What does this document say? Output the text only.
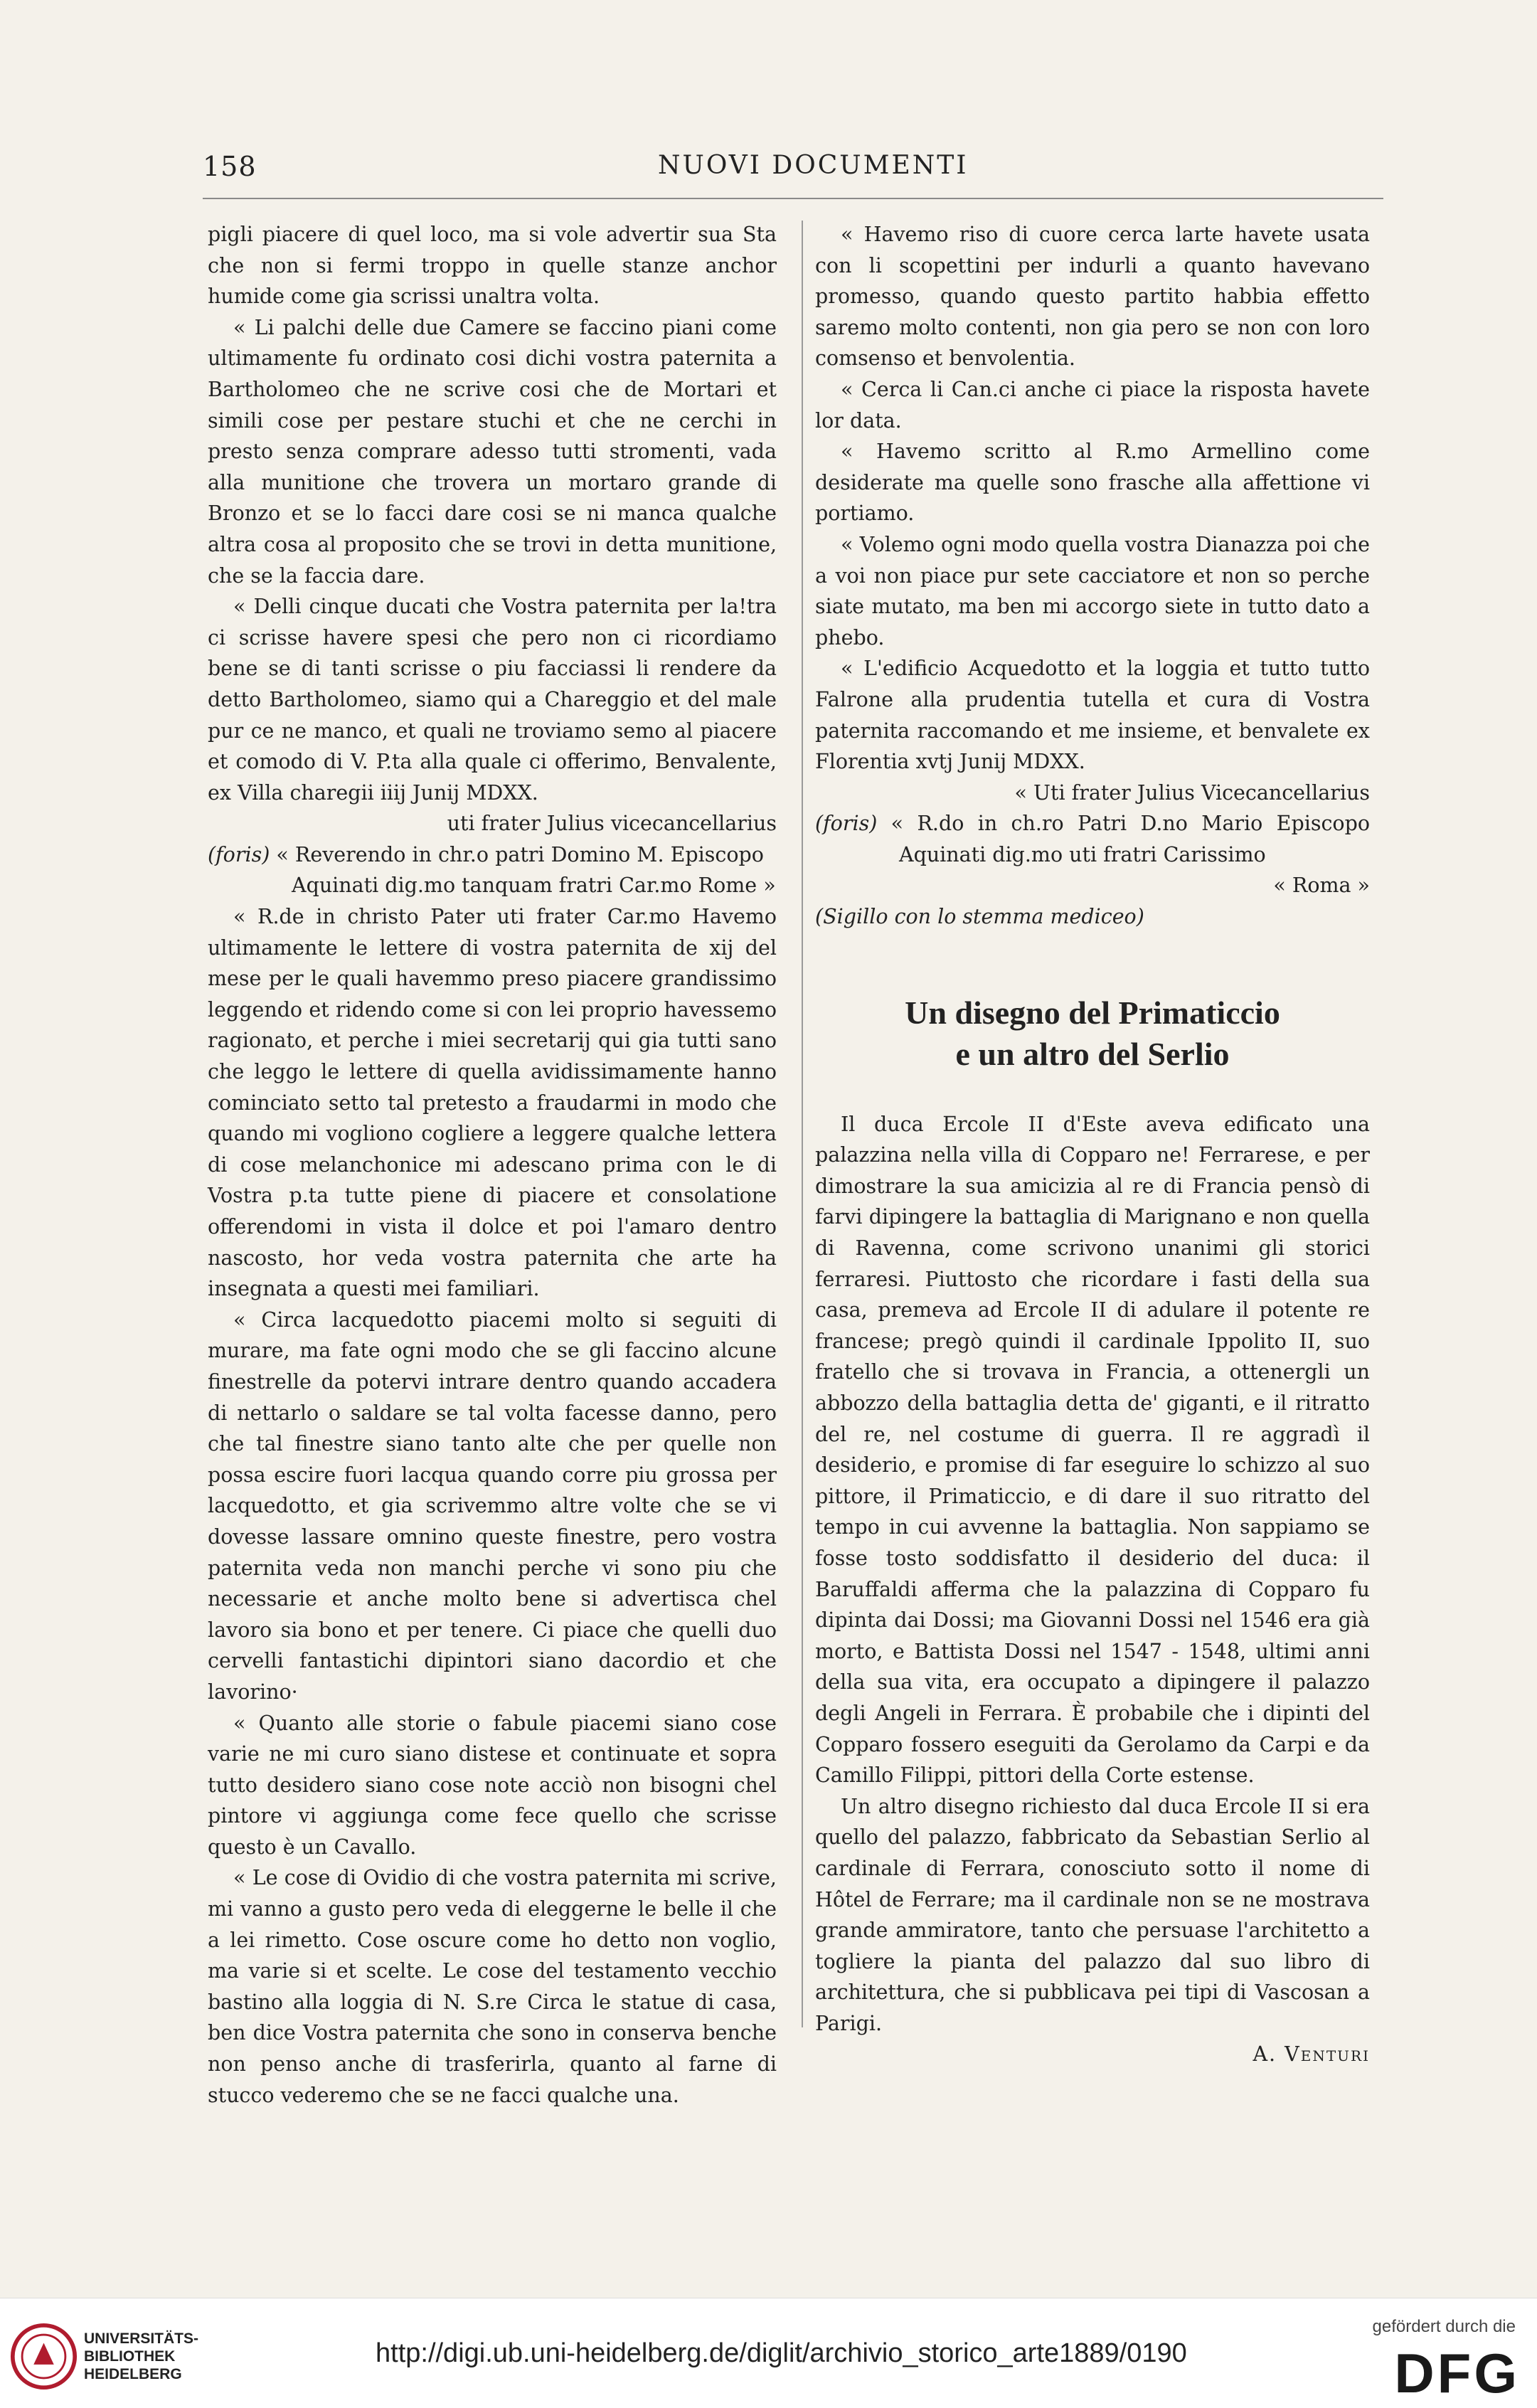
158	NUOVI DOCUMENTI

pigli piacere di quel loco, ma si vole advertir sua Sta che non si fermi troppo in quelle stanze anchor humide come gia scrissi unaltra volta.

« Li palchi delle due Camere se faccino piani come ultimamente fu ordinato cosi dichi vostra paternita a Bartholomeo che ne scrive cosi che de Mortari et simili cose per pestare stuchi et che ne cerchi in presto senza comprare adesso tutti stromenti, vada alla munitione che trovera un mortaro grande di Bronzo et se lo facci dare cosi se ni manca qualche altra cosa al proposito che se trovi in detta munitione, che se la faccia dare.

« Delli cinque ducati che Vostra paternita per la!tra ci scrisse havere spesi che pero non ci ricordiamo bene se di tanti scrisse o piu facciassi li rendere da detto Bartholomeo, siamo qui a Chareggio et del male pur ce ne manco, et quali ne troviamo semo al piacere et comodo di V. P.ta alla quale ci offerimo, Benvalente, ex Villa charegii iiij Junij MDXX.

uti frater Julius vicecancellarius

(foris) « Reverendo in chr.o patri Domino M. Episcopo

Aquinati dig.mo tanquam fratri Car.mo Rome »

« R.de in christo Pater uti frater Car.mo Havemo ultimamente le lettere di vostra paternita de xij del mese per le quali havemmo preso piacere grandissimo leggendo et ridendo come si con lei proprio havessemo ragionato, et perche i miei secretarij qui gia tutti sano che leggo le lettere di quella avidissimamente hanno cominciato setto tal pretesto a fraudarmi in modo che quando mi vogliono cogliere a leggere qualche lettera di cose melanchonice mi adescano prima con le di Vostra p.ta tutte piene di piacere et consolatione offerendomi in vista il dolce et poi l'amaro dentro nascosto, hor veda vostra paternita che arte ha insegnata a questi mei familiari.

« Circa lacquedotto piacemi molto si seguiti di murare, ma fate ogni modo che se gli faccino alcune finestrelle da potervi intrare dentro quando accadera di nettarlo o saldare se tal volta facesse danno, pero che tal finestre siano tanto alte che per quelle non possa escire fuori lacqua quando corre piu grossa per lacquedotto, et gia scrivemmo altre volte che se vi dovesse lassare omnino queste finestre, pero vostra paternita veda non manchi perche vi sono piu che necessarie et anche molto bene si advertisca chel lavoro sia bono et per tenere. Ci piace che quelli duo cervelli fantastichi dipintori siano dacordio et che lavorino·

« Quanto alle storie o fabule piacemi siano cose varie ne mi curo siano distese et continuate et sopra tutto desidero siano cose note acciò non bisogni chel pintore vi aggiunga come fece quello che scrisse questo è un Cavallo.

« Le cose di Ovidio di che vostra paternita mi scrive, mi vanno a gusto pero veda di eleggerne le belle il che a lei rimetto. Cose oscure come ho detto non voglio, ma varie si et scelte. Le cose del testamento vecchio bastino alla loggia di N. S.re Circa le statue di casa, ben dice Vostra paternita che sono in conserva benche non penso anche di trasferirla, quanto al farne di stucco vederemo che se ne facci qualche una.

« Havemo riso di cuore cerca larte havete usata con li scopettini per indurli a quanto havevano promesso, quando questo partito habbia effetto saremo molto contenti, non gia pero se non con loro comsenso et benvolentia.

« Cerca li Can.ci anche ci piace la risposta havete lor data.

« Havemo scritto al R.mo Armellino come desiderate ma quelle sono frasche alla affettione vi portiamo.

« Volemo ogni modo quella vostra Dianazza poi che a voi non piace pur sete cacciatore et non so perche siate mutato, ma ben mi accorgo siete in tutto dato a phebo.

« L'edificio Acquedotto et la loggia et tutto tutto Falrone alla prudentia tutella et cura di Vostra paternita raccomando et me insieme, et benvalete ex Florentia xvtj Junij MDXX.

« Uti frater Julius Vicecancellarius

(foris) « R.do in ch.ro Patri D.no Mario Episcopo Aquinati dig.mo uti fratri Carissimo

« Roma »

(Sigillo con lo stemma mediceo)

Un disegno del Primaticcio
e un altro del Serlio

Il duca Ercole II d'Este aveva edificato una palazzina nella villa di Copparo ne! Ferrarese, e per dimostrare la sua amicizia al re di Francia pensò di farvi dipingere la battaglia di Marignano e non quella di Ravenna, come scrivono unanimi gli storici ferraresi. Piuttosto che ricordare i fasti della sua casa, premeva ad Ercole II di adulare il potente re francese; pregò quindi il cardinale Ippolito II, suo fratello che si trovava in Francia, a ottenergli un abbozzo della battaglia detta de' giganti, e il ritratto del re, nel costume di guerra. Il re aggradì il desiderio, e promise di far eseguire lo schizzo al suo pittore, il Primaticcio, e di dare il suo ritratto del tempo in cui avvenne la battaglia. Non sappiamo se fosse tosto soddisfatto il desiderio del duca: il Baruffaldi afferma che la palazzina di Copparo fu dipinta dai Dossi; ma Giovanni Dossi nel 1546 era già morto, e Battista Dossi nel 1547 - 1548, ultimi anni della sua vita, era occupato a dipingere il palazzo degli Angeli in Ferrara. È probabile che i dipinti del Copparo fossero eseguiti da Gerolamo da Carpi e da Camillo Filippi, pittori della Corte estense.

Un altro disegno richiesto dal duca Ercole II si era quello del palazzo, fabbricato da Sebastian Serlio al cardinale di Ferrara, conosciuto sotto il nome di Hôtel de Ferrare; ma il cardinale non se ne mostrava grande ammiratore, tanto che persuase l'architetto a togliere la pianta del palazzo dal suo libro di architettura, che si pubblicava pei tipi di Vascosan a Parigi.

A. Venturi

UNIVERSITÄTS-
BIBLIOTHEK
HEIDELBERG
http://digi.ub.uni-heidelberg.de/diglit/archivio_storico_arte1889/0190
gefördert durch die
DFG
